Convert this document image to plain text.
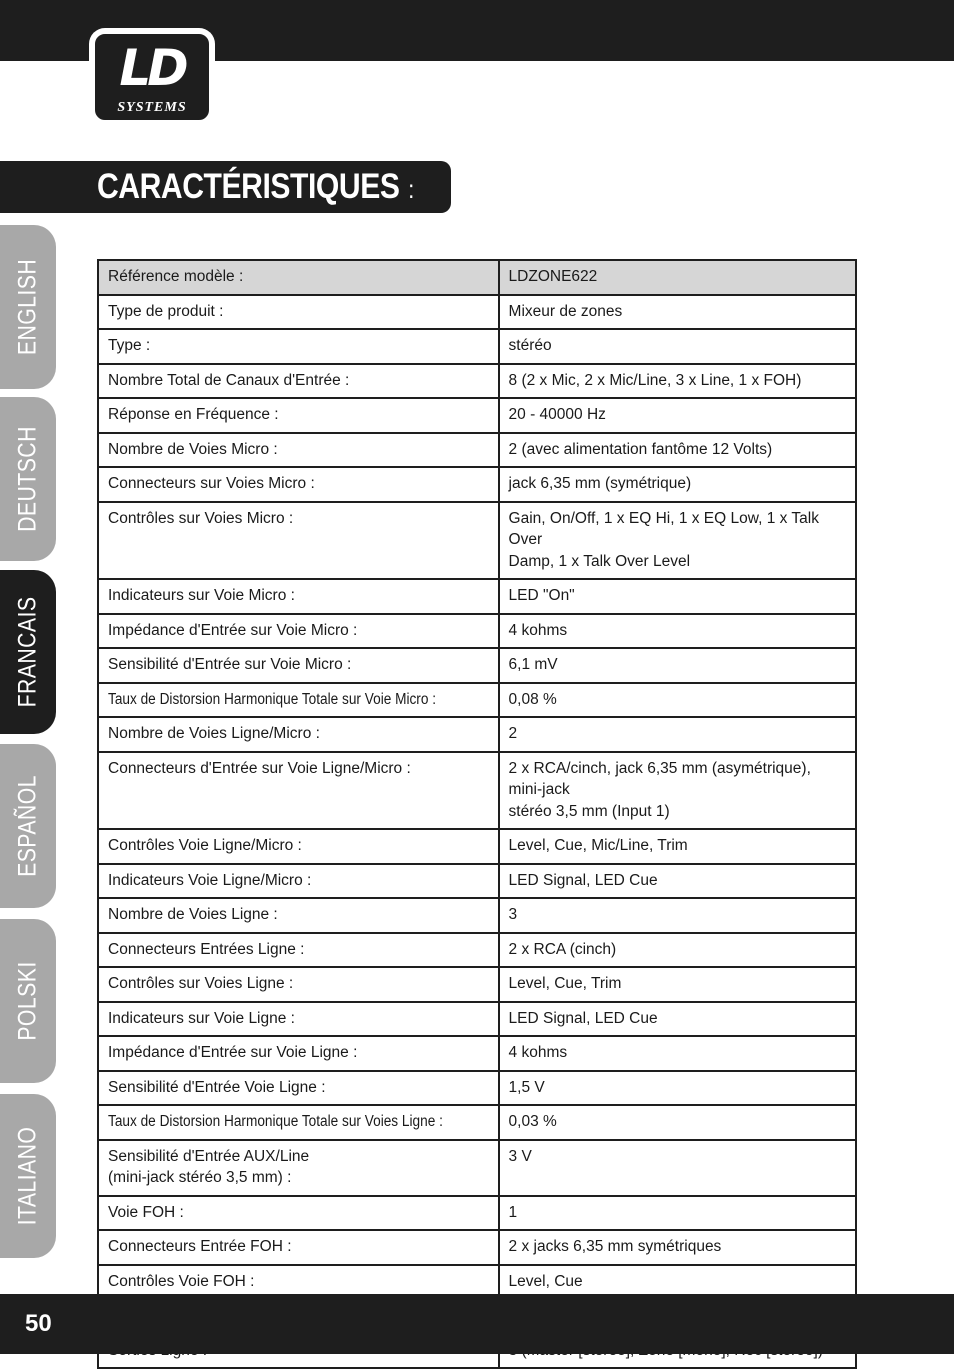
LD
SYSTEMS
CARACTÉRISTIQUES :
ENGLISH
DEUTSCH
FRANCAIS
ESPAÑOL
POLSKI
ITALIANO
Référence modèle :	LDZONE622
Type de produit :	Mixeur de zones
Type :	stéréo
Nombre Total de Canaux d'Entrée :	8 (2 x Mic, 2 x Mic/Line, 3 x Line, 1 x FOH)
Réponse en Fréquence :	20 - 40000 Hz
Nombre de Voies Micro :	2 (avec alimentation fantôme 12 Volts)
Connecteurs sur Voies Micro :	jack 6,35 mm (symétrique)
Contrôles sur Voies Micro :	Gain, On/Off, 1 x EQ Hi, 1 x EQ Low, 1 x Talk Over
Damp, 1 x Talk Over Level
Indicateurs sur Voie Micro :	LED "On"
Impédance d'Entrée sur Voie Micro :	4 kohms
Sensibilité d'Entrée sur Voie Micro :	6,1 mV
Taux de Distorsion Harmonique Totale sur Voie Micro :	0,08 %
Nombre de Voies Ligne/Micro :	2
Connecteurs d'Entrée sur Voie Ligne/Micro :	2 x RCA/cinch, jack 6,35 mm (asymétrique), mini-jack
stéréo 3,5 mm (Input 1)
Contrôles Voie Ligne/Micro :	Level, Cue, Mic/Line, Trim
Indicateurs Voie Ligne/Micro :	LED Signal, LED Cue
Nombre de Voies Ligne :	3
Connecteurs Entrées Ligne :	2 x RCA (cinch)
Contrôles sur Voies Ligne :	Level, Cue, Trim
Indicateurs sur Voie Ligne :	LED Signal, LED Cue
Impédance d'Entrée sur Voie Ligne :	4 kohms
Sensibilité d'Entrée Voie Ligne :	1,5 V
Taux de Distorsion Harmonique Totale sur Voies Ligne :	0,03 %
Sensibilité d'Entrée AUX/Line
(mini-jack stéréo 3,5 mm) :	3 V
Voie FOH :	1
Connecteurs Entrée FOH :	2 x jacks 6,35 mm symétriques
Contrôles Voie FOH :	Level, Cue

50
